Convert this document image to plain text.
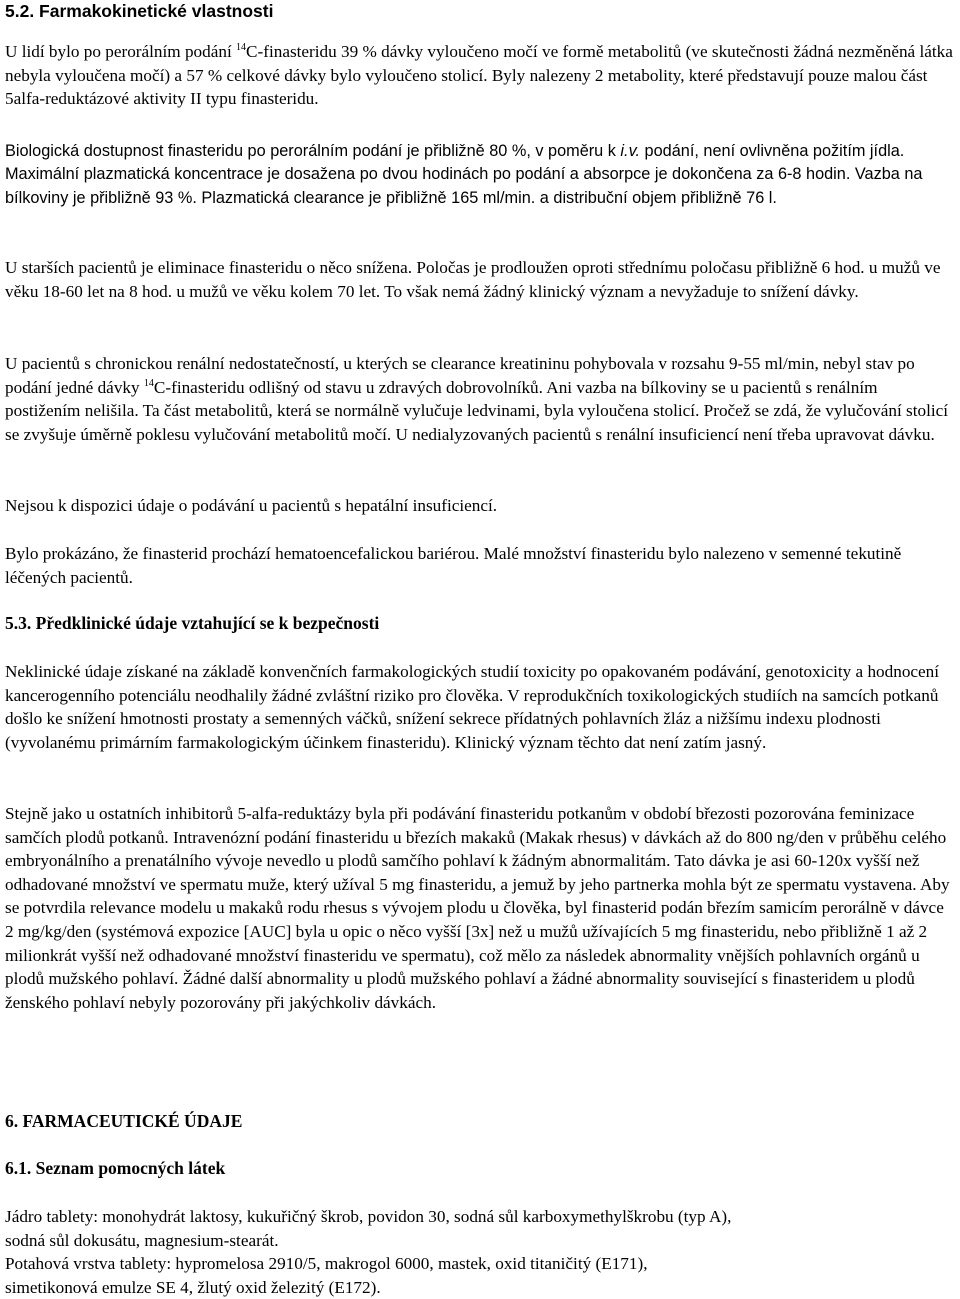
5.2. Farmakokinetické vlastnosti

U lidí bylo po perorálním podání $^{14}$C-finasteridu 39 % dávky vyloučeno močí ve formě metabolitů (ve skutečnosti žádná nezměněná látka nebyla vyloučena močí) a 57 % celkové dávky bylo vyloučeno stolicí. Byly nalezeny 2 metabolity, které představují pouze malou část 5alfa-reduktázové aktivity II typu finasteridu.

Biologická dostupnost finasteridu po perorálním podání je přibližně 80 %, v poměru k i.v. podání, není ovlivněna požitím jídla. Maximální plazmatická koncentrace je dosažena po dvou hodinách po podání a absorpce je dokončena za 6-8 hodin. Vazba na bílkoviny je přibližně 93 %. Plazmatická clearance je přibližně 165 ml/min. a distribuční objem přibližně 76 l.

U starších pacientů je eliminace finasteridu o něco snížena. Poločas je prodloužen oproti střednímu poločasu přibližně 6 hod. u mužů ve věku 18-60 let na 8 hod. u mužů ve věku kolem 70 let. To však nemá žádný klinický význam a nevyžaduje to snížení dávky.

U pacientů s chronickou renální nedostatečností, u kterých se clearance kreatininu pohybovala v rozsahu 9-55 ml/min, nebyl stav po podání jedné dávky $^{14}$C-finasteridu odlišný od stavu u zdravých dobrovolníků. Ani vazba na bílkoviny se u pacientů s renálním postižením nelišila. Ta část metabolitů, která se normálně vylučuje ledvinami, byla vyloučena stolicí. Pročež se zdá, že vylučování stolicí se zvyšuje úměrně poklesu vylučování metabolitů močí. U nedialyzovaných pacientů s renální insuficiencí není třeba upravovat dávku.

Nejsou k dispozici údaje o podávání u pacientů s hepatální insuficiencí.

Bylo prokázáno, že finasterid prochází hematoencefalickou bariérou. Malé množství finasteridu bylo nalezeno v semenné tekutině léčených pacientů.

5.3. Předklinické údaje vztahující se k bezpečnosti

Neklinické údaje získané na základě konvenčních farmakologických studií toxicity po opakovaném podávání, genotoxicity a hodnocení kancerogenního potenciálu neodhalily žádné zvláštní riziko pro člověka. V reprodukčních toxikologických studiích na samcích potkanů došlo ke snížení hmotnosti prostaty a semenných váčků, snížení sekrece přídatných pohlavních žláz a nižšímu indexu plodnosti (vyvolanému primárním farmakologickým účinkem finasteridu). Klinický význam těchto dat není zatím jasný.

Stejně jako u ostatních inhibitorů 5-alfa-reduktázy byla při podávání finasteridu potkanům v období březosti pozorována feminizace samčích plodů potkanů. Intravenózní podání finasteridu u březích makaků (Makak rhesus) v dávkách až do 800 ng/den v průběhu celého embryonálního a prenatálního vývoje nevedlo u plodů samčího pohlaví k žádným abnormalitám. Tato dávka je asi 60-120x vyšší než odhadované množství ve spermatu muže, který užíval 5 mg finasteridu, a jemuž by jeho partnerka mohla být ze spermatu vystavena. Aby se potvrdila relevance modelu u makaků rodu rhesus s vývojem plodu u člověka, byl finasterid podán březím samicím perorálně v dávce 2 mg/kg/den (systémová expozice [AUC] byla u opic o něco vyšší [3x] než u mužů užívajících 5 mg finasteridu, nebo přibližně 1 až 2 milionkrát vyšší než odhadované množství finasteridu ve spermatu), což mělo za následek abnormality vnějších pohlavních orgánů u plodů mužského pohlaví. Žádné další abnormality u plodů mužského pohlaví a žádné abnormality související s finasteridem u plodů ženského pohlaví nebyly pozorovány při jakýchkoliv dávkách.

6. FARMACEUTICKÉ ÚDAJE
6.1. Seznam pomocných látek

Jádro tablety: monohydrát laktosy, kukuřičný škrob, povidon 30, sodná sůl karboxymethylškrobu (typ A),
sodná sůl dokusátu, magnesium-stearát.
Potahová vrstva tablety: hypromelosa 2910/5, makrogol 6000, mastek, oxid titaničitý (E171),
simetikonová emulze SE 4, žlutý oxid železitý (E172).
